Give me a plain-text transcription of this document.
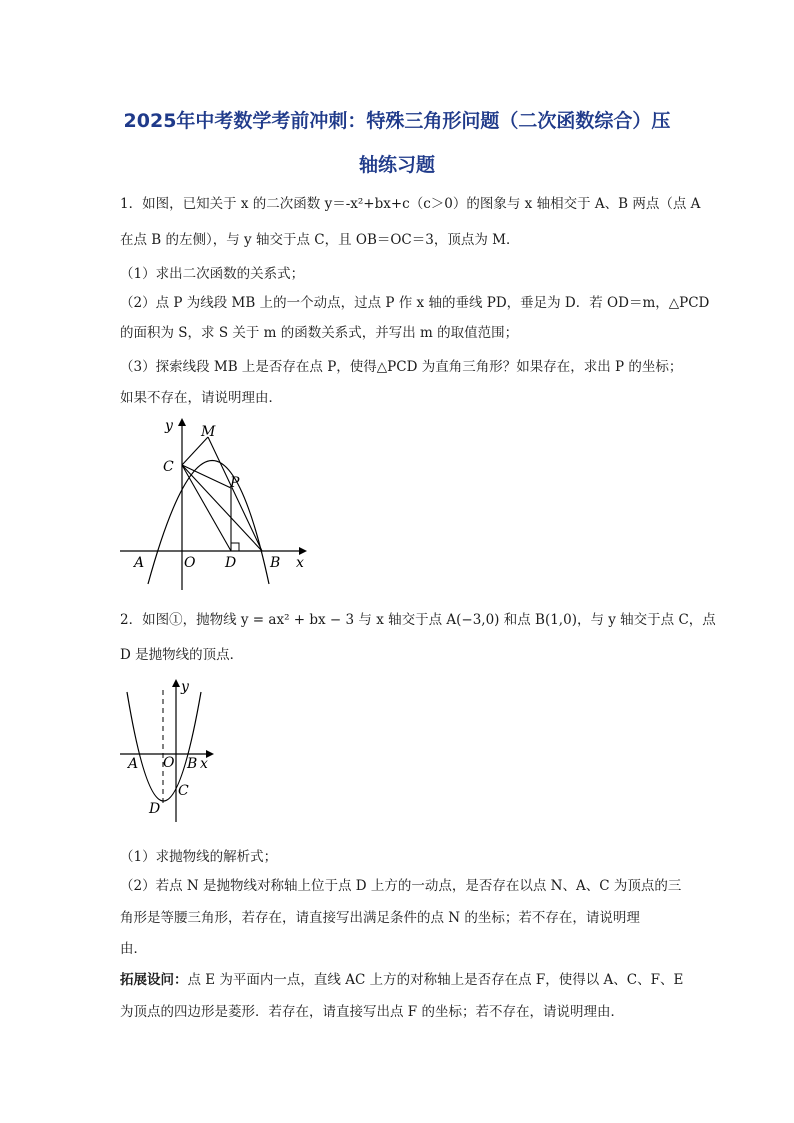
2025年中考数学考前冲刺：特殊三角形问题（二次函数综合）压
轴练习题
1．如图，已知关于 x 的二次函数 y＝-x²+bx+c（c＞0）的图象与 x 轴相交于 A、B 两点（点 A
在点 B 的左侧），与 y 轴交于点 C，且 OB＝OC＝3，顶点为 M．
（1）求出二次函数的关系式；
（2）点 P 为线段 MB 上的一个动点，过点 P 作 x 轴的垂线 PD，垂足为 D．若 OD＝m，△PCD
的面积为 S，求 S 关于 m 的函数关系式，并写出 m 的取值范围；
（3）探索线段 MB 上是否存在点 P，使得△PCD 为直角三角形？如果存在，求出 P 的坐标；
如果不存在，请说明理由．
y M
C
P
A	O D B x
2．如图①，抛物线 y = ax² + bx − 3 与 x 轴交于点 A(−3,0) 和点 B(1,0)，与 y 轴交于点 C，点
D 是抛物线的顶点．
y
A O B x
C
D
（1）求抛物线的解析式；
（2）若点 N 是抛物线对称轴上位于点 D 上方的一动点，是否存在以点 N、A、C 为顶点的三
角形是等腰三角形，若存在，请直接写出满足条件的点 N 的坐标；若不存在，请说明理
由．
拓展设问：点 E 为平面内一点，直线 AC 上方的对称轴上是否存在点 F，使得以 A、C、F、E
为顶点的四边形是菱形．若存在，请直接写出点 F 的坐标；若不存在，请说明理由．
